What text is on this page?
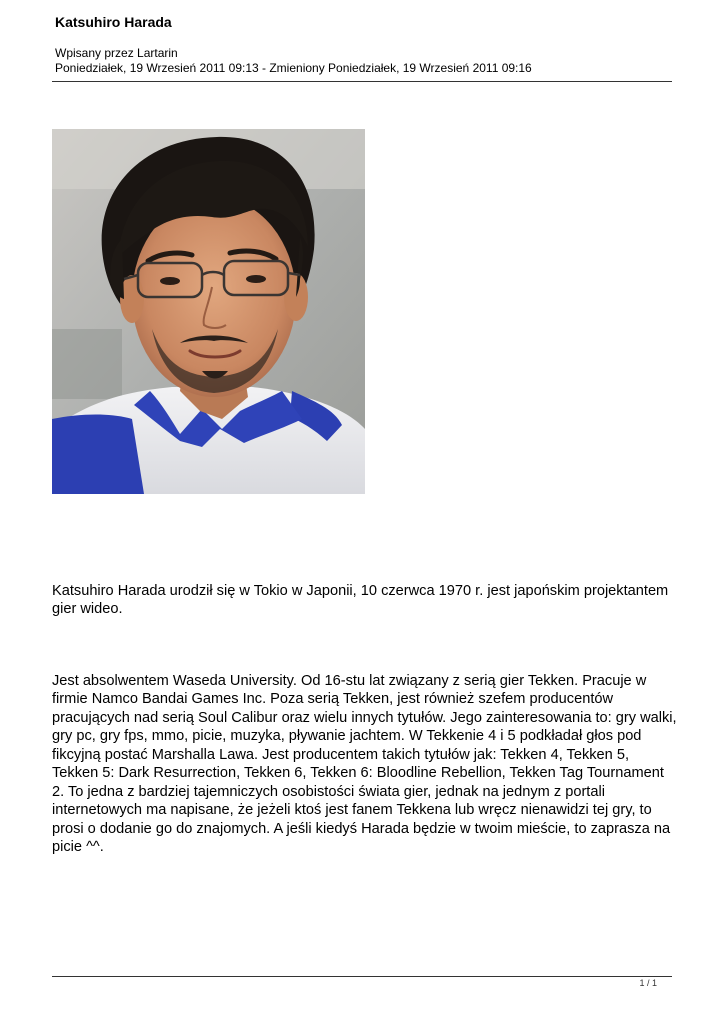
Katsuhiro Harada
Wpisany przez Lartarin
Poniedziałek, 19 Wrzesień 2011 09:13 - Zmieniony Poniedziałek, 19 Wrzesień 2011 09:16

Katsuhiro Harada urodził się w Tokio w Japonii, 10 czerwca 1970 r. jest japońskim projektantem gier wideo.

Jest absolwentem Waseda University. Od 16-stu lat związany z serią gier Tekken. Pracuje w firmie Namco Bandai Games Inc. Poza serią Tekken, jest również szefem producentów pracujących nad serią Soul Calibur oraz wielu innych tytułów. Jego zainteresowania to: gry walki, gry pc, gry fps, mmo, picie, muzyka, pływanie jachtem. W Tekkenie 4 i 5 podkładał głos pod fikcyjną postać Marshalla Lawa. Jest producentem takich tytułów jak: Tekken 4, Tekken 5, Tekken 5: Dark Resurrection, Tekken 6, Tekken 6: Bloodline Rebellion, Tekken Tag Tournament 2. To jedna z bardziej tajemniczych osobistości świata gier, jednak na jednym z portali internetowych ma napisane, że jeżeli ktoś jest fanem Tekkena lub wręcz nienawidzi tej gry, to prosi o dodanie go do znajomych. A jeśli kiedyś Harada będzie w twoim mieście, to zaprasza na picie ^^.

1 / 1
